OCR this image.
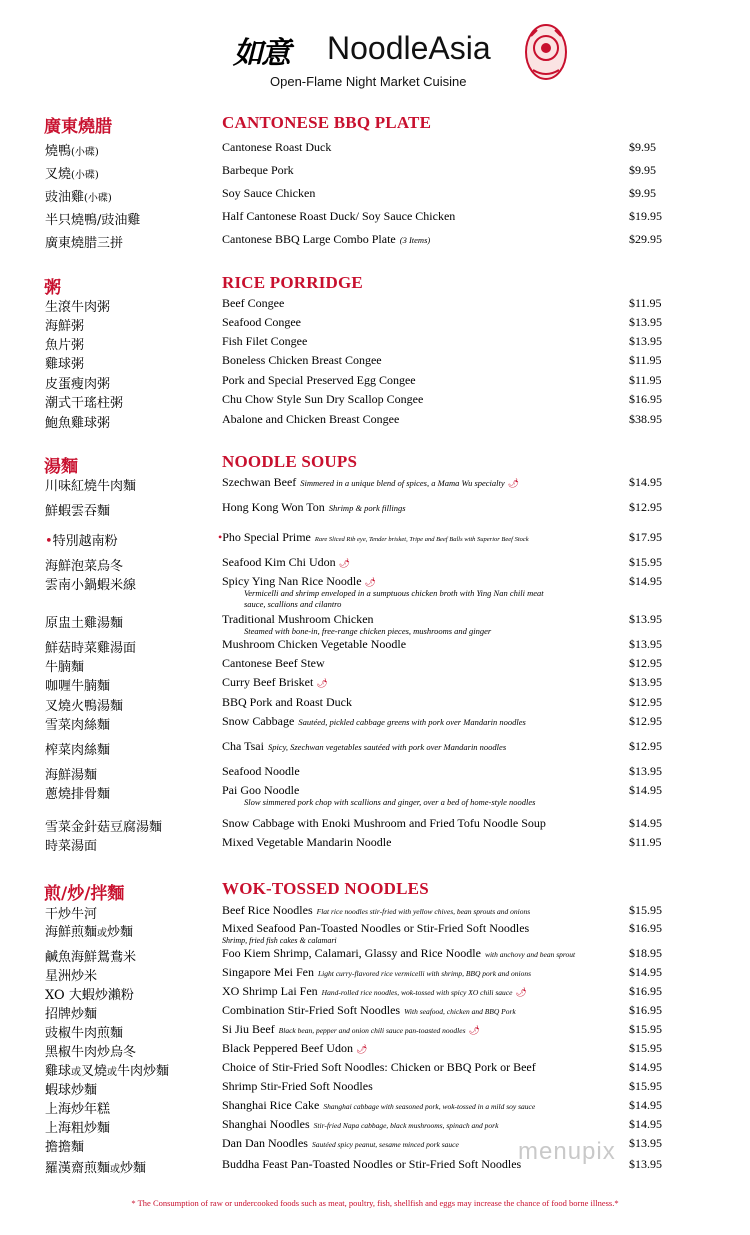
如意 NoodleAsia
Open-Flame Night Market Cuisine
廣東燒腊	CANTONESE BBQ PLATE
燒鴨(小碟)	Cantonese Roast Duck	$9.95
叉燒(小碟)	Barbeque Pork	$9.95
豉油雞(小碟)	Soy Sauce Chicken	$9.95
半只燒鴨/豉油雞	Half Cantonese Roast Duck/ Soy Sauce Chicken	$19.95
廣東燒腊三拼	Cantonese BBQ Large Combo Plate (3 Items)	$29.95
粥	RICE PORRIDGE
生滾牛肉粥	Beef Congee	$11.95
海鮮粥	Seafood Congee	$13.95
魚片粥	Fish Filet Congee	$13.95
雞球粥	Boneless Chicken Breast Congee	$11.95
皮蛋瘦肉粥	Pork and Special Preserved Egg Congee	$11.95
潮式干瑤柱粥	Chu Chow Style Sun Dry Scallop Congee	$16.95
鮑魚雞球粥	Abalone and Chicken Breast Congee	$38.95
湯麵	NOODLE SOUPS
川味紅燒牛肉麵	Szechwan Beef Simmered in a unique blend of spices, a Mama Wu specialty 🌶	$14.95
鮮蝦雲吞麵	Hong Kong Won Ton Shrimp & pork fillings	$12.95
•特別越南粉	•Pho Special Prime Rare Sliced Rib eye, Tender brisket, Tripe and Beef Balls with Superior Beef Stock	$17.95
海鮮泡菜烏冬	Seafood Kim Chi Udon 🌶	$15.95
雲南小鍋蝦米線	Spicy Ying Nan Rice Noodle 🌶
Vermicelli and shrimp enveloped in a sumptuous chicken broth with Ying Nan chili meat
sauce, scallions and cilantro
$14.95
原盅土雞湯麵	Traditional Mushroom Chicken
Steamed with bone-in, free-range chicken pieces, mushrooms and ginger
$13.95
鮮菇時菜雞湯面	Mushroom Chicken Vegetable Noodle	$13.95
牛腩麵	Cantonese Beef Stew	$12.95
咖喱牛腩麵	Curry Beef Brisket 🌶	$13.95
叉燒火鴨湯麵	BBQ Pork and Roast Duck	$12.95
雪菜肉絲麵	Snow Cabbage Sautéed, pickled cabbage greens with pork over Mandarin noodles	$12.95
榨菜肉絲麵	Cha Tsai Spicy, Szechwan vegetables sautéed with pork over Mandarin noodles	$12.95
海鮮湯麵	Seafood Noodle	$13.95
蔥燒排骨麵	Pai Goo Noodle
Slow simmered pork chop with scallions and ginger, over a bed of home-style noodles
$14.95
雪菜金針菇豆腐湯麵	Snow Cabbage with Enoki Mushroom and Fried Tofu Noodle Soup	$14.95
時菜湯面	Mixed Vegetable Mandarin Noodle	$11.95
煎/炒/拌麵	WOK-TOSSED NOODLES
干炒牛河	Beef Rice Noodles Flat rice noodles stir-fried with yellow chives, bean sprouts and onions	$15.95
海鮮煎麵或炒麵	Mixed Seafood Pan-Toasted Noodles or Stir-Fried Soft Noodles
Shrimp, fried fish cakes & calamari
$16.95
鹹魚海鮮鴛鴦米	Foo Kiem Shrimp, Calamari, Glassy and Rice Noodle with anchovy and bean sprout	$18.95
星洲炒米	Singapore Mei Fen Light curry-flavored rice vermicelli with shrimp, BBQ pork and onions	$14.95
XO 大蝦炒瀨粉	XO Shrimp Lai Fen Hand-rolled rice noodles, wok-tossed with spicy XO chili sauce 🌶	$16.95
招牌炒麵	Combination Stir-Fried Soft Noodles With seafood, chicken and BBQ Pork	$16.95
豉椒牛肉煎麵	Si Jiu Beef Black bean, pepper and onion chili sauce pan-toasted noodles 🌶	$15.95
黑椒牛肉炒烏冬	Black Peppered Beef Udon 🌶	$15.95
雞球或叉燒或牛肉炒麵	Choice of Stir-Fried Soft Noodles: Chicken or BBQ Pork or Beef	$14.95
蝦球炒麵	Shrimp Stir-Fried Soft Noodles	$15.95
上海炒年糕	Shanghai Rice Cake Shanghai cabbage with seasoned pork, wok-tossed in a mild soy sauce	$14.95
上海粗炒麵	Shanghai Noodles Stir-fried Napa cabbage, black mushrooms, spinach and pork	$14.95
擔擔麵	Dan Dan Noodles Sautéed spicy peanut, sesame minced pork sauce	$13.95
羅漢齋煎麵或炒麵	Buddha Feast Pan-Toasted Noodles or Stir-Fried Soft Noodles	$13.95
menupix
* The Consumption of raw or undercooked foods such as meat, poultry, fish, shellfish and eggs may increase the chance of food borne illness.*
